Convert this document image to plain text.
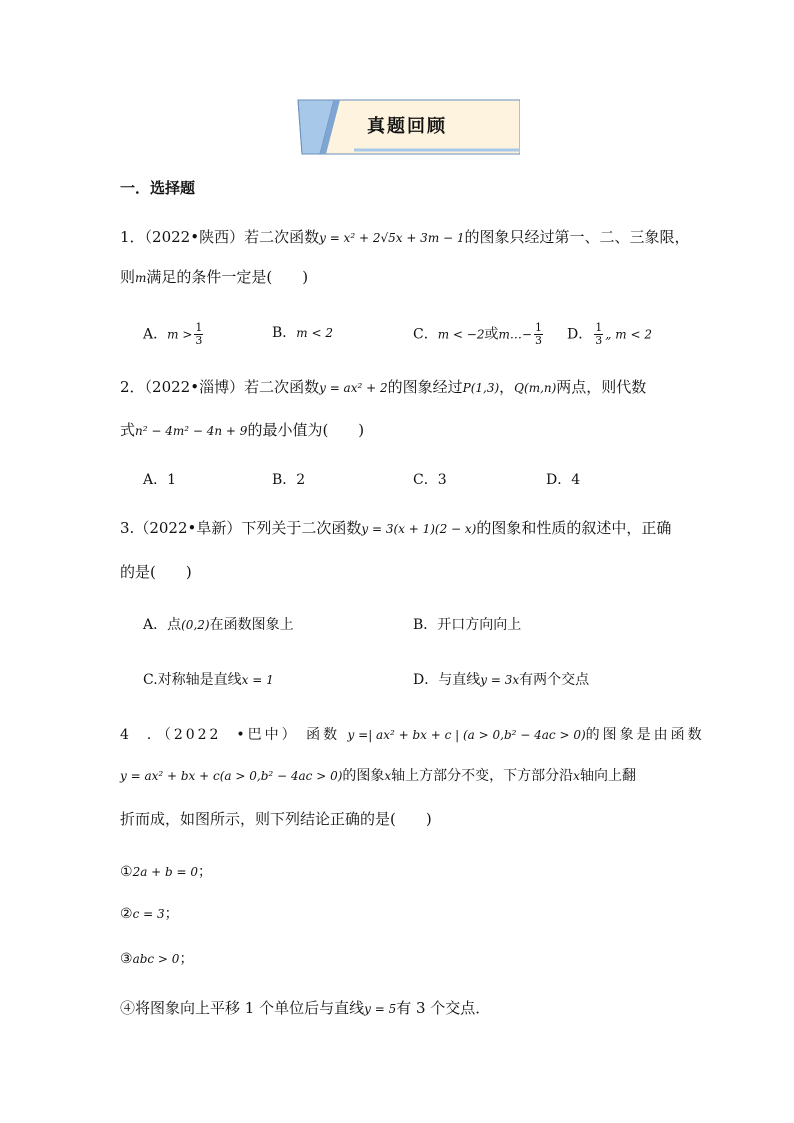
真题回顾
一．选择题
1．（2022•陕西）若二次函数y = x² + 2√5x + 3m − 1的图象只经过第一、二、三象限，
则m满足的条件一定是(　　)
A．$m > \frac{1}{3}$	B．m < 2	C．m < −2或m…− $\frac{1}{3}$ D． $\frac{1}{3}$ „ m < 2
2．（2022•淄博）若二次函数y = ax² + 2的图象经过P(1,3)，Q(m,n)两点，则代数
式n² − 4m² − 4n + 9的最小值为(　　)
A．1	B．2	C．3	D．4
3.（2022•阜新）下列关于二次函数y = 3(x + 1)(2 − x)的图象和性质的叙述中，正确
的是(　　)
A．点(0,2)在函数图象上	B．开口方向向上
C.对称轴是直线x = 1	D．与直线y = 3x有两个交点
4 ．（2022 •巴中） 函数 y =| ax² + bx + c | (a > 0,b² − 4ac > 0)的图象是由函数
y = ax² + bx + c(a > 0,b² − 4ac > 0)的图象x轴上方部分不变，下方部分沿x轴向上翻
折而成，如图所示，则下列结论正确的是(　　)
①2a + b = 0；
②c = 3；
③abc > 0；
④将图象向上平移 1 个单位后与直线y = 5有 3 个交点．
